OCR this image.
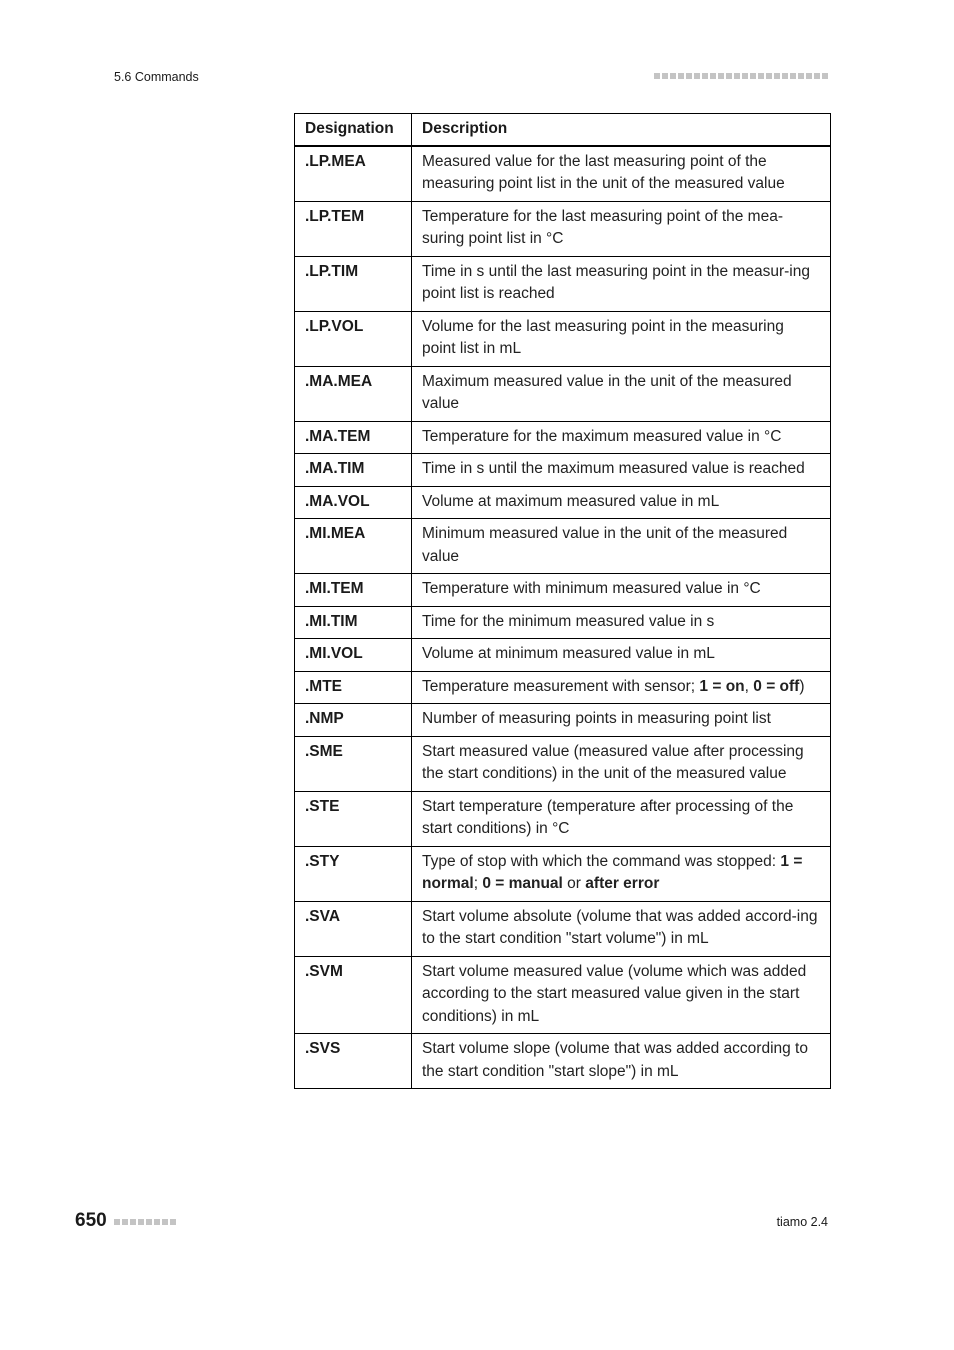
5.6 Commands
Designation	Description
.LP.MEA	Measured value for the last measuring point of the measuring point list in the unit of the measured value
.LP.TEM	Temperature for the last measuring point of the mea-suring point list in °C
.LP.TIM	Time in s until the last measuring point in the measur-ing point list is reached
.LP.VOL	Volume for the last measuring point in the measuring point list in mL
.MA.MEA	Maximum measured value in the unit of the measured value
.MA.TEM	Temperature for the maximum measured value in °C
.MA.TIM	Time in s until the maximum measured value is reached
.MA.VOL	Volume at maximum measured value in mL
.MI.MEA	Minimum measured value in the unit of the measured value
.MI.TEM	Temperature with minimum measured value in °C
.MI.TIM	Time for the minimum measured value in s
.MI.VOL	Volume at minimum measured value in mL
.MTE	Temperature measurement with sensor; 1 = on, 0 = off)
.NMP	Number of measuring points in measuring point list
.SME	Start measured value (measured value after processing the start conditions) in the unit of the measured value
.STE	Start temperature (temperature after processing of the start conditions) in °C
.STY	Type of stop with which the command was stopped: 1 = normal; 0 = manual or after error
.SVA	Start volume absolute (volume that was added accord-ing to the start condition "start volume") in mL
.SVM	Start volume measured value (volume which was added according to the start measured value given in the start conditions) in mL
.SVS	Start volume slope (volume that was added according to the start condition "start slope") in mL
650	tiamo 2.4
